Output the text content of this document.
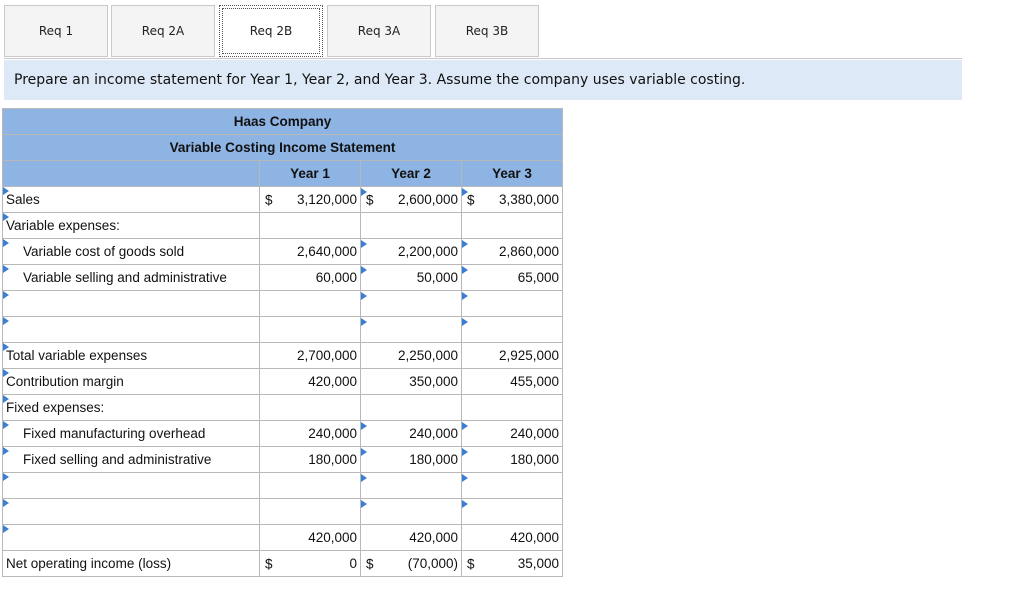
Req 1	Req 2A	Req 2B	Req 3A	Req 3B
Prepare an income statement for Year 1, Year 2, and Year 3. Assume the company uses variable costing.
Haas Company			
Variable Costing Income Statement			
	Year 1	Year 2	Year 3
Sales	$ 3,120,000	$ 2,600,000	$ 3,380,000
Variable expenses:			
Variable cost of goods sold	2,640,000	2,200,000	2,860,000
Variable selling and administrative	60,000	50,000	65,000

Total variable expenses	2,700,000	2,250,000	2,925,000
Contribution margin	420,000	350,000	455,000
Fixed expenses:			
Fixed manufacturing overhead	240,000	240,000	240,000
Fixed selling and administrative	180,000	180,000	180,000

	420,000	420,000	420,000
Net operating income (loss)	$ 0	$ (70,000)	$ 35,000
